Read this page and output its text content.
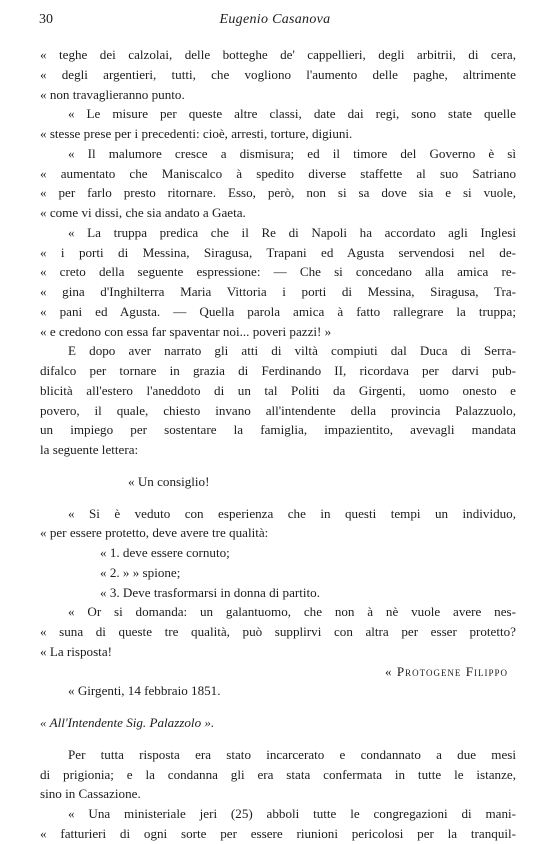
30	Eugenio Casanova
« teghe dei calzolai, delle botteghe de' cappellieri, degli arbitrii, di cera,
« degli argentieri, tutti, che vogliono l'aumento delle paghe, altrimente
« non travaglieranno punto.
« Le misure per queste altre classi, date dai regi, sono state quelle
« stesse prese per i precedenti: cioè, arresti, torture, digiuni.
« Il malumore cresce a dismisura; ed il timore del Governo è sì
« aumentato che Maniscalco à spedito diverse staffette al suo Satriano
« per farlo presto ritornare. Esso, però, non si sa dove sia e si vuole,
« come vi dissi, che sia andato a Gaeta.
« La truppa predica che il Re di Napoli ha accordato agli Inglesi
« i porti di Messina, Siragusa, Trapani ed Agusta servendosi nel de-
« creto della seguente espressione: — Che si concedano alla amica re-
« gina d'Inghilterra Maria Vittoria i porti di Messina, Siragusa, Tra-
« pani ed Agusta. — Quella parola amica à fatto rallegrare la truppa;
« e credono con essa far spaventar noi... poveri pazzi! »
E dopo aver narrato gli atti di viltà compiuti dal Duca di Serra-
difalco per tornare in grazia di Ferdinando II, ricordava per darvi pub-
blicità all'estero l'aneddoto di un tal Politi da Girgenti, uomo onesto e
povero, il quale, chiesto invano all'intendente della provincia Palazzuolo,
un impiego per sostentare la famiglia, impazientito, avevagli mandata
la seguente lettera:
« Un consiglio!
« Si è veduto con esperienza che in questi tempi un individuo,
« per essere protetto, deve avere tre qualità:
« 1. deve essere cornuto;
« 2. » » spione;
« 3. Deve trasformarsi in donna di partito.
« Or si domanda: un galantuomo, che non à nè vuole avere nes-
« suna di queste tre qualità, può supplirvi con altra per esser protetto?
« La risposta!
« Protogene Filippo
« Girgenti, 14 febbraio 1851.
« All'Intendente Sig. Palazzolo ».
Per tutta risposta era stato incarcerato e condannato a due mesi
di prigionia; e la condanna gli era stata confermata in tutte le istanze,
sino in Cassazione.
« Una ministeriale jeri (25) abboli tutte le congregazioni di mani-
« fatturieri di ogni sorte per essere riunioni pericolosi per la tranquil-
